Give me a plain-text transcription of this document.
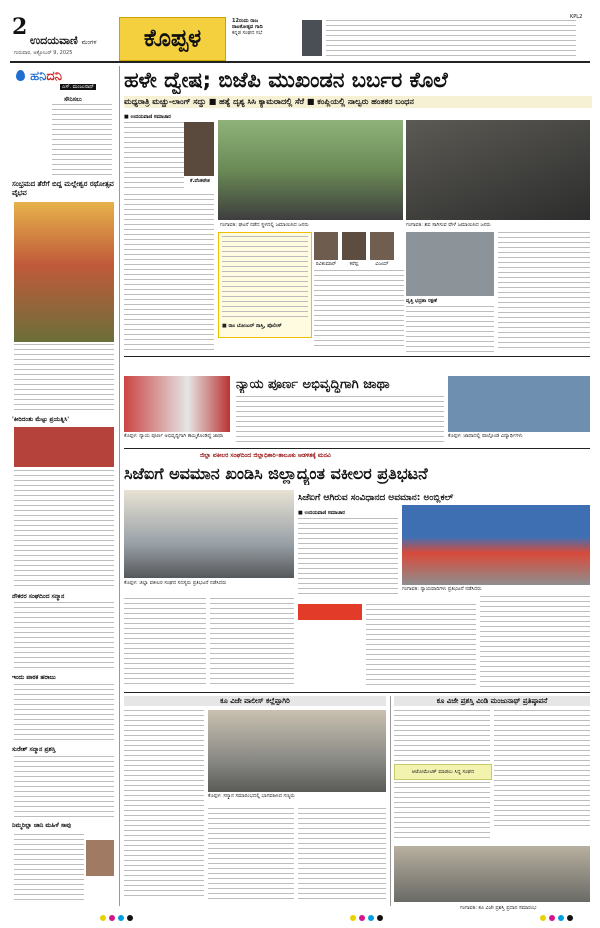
2
ಉದಯವಾಣಿ ಮಂಗಳ
ಗುರುವಾರ, ಅಕ್ಟೋಬರ್ 9, 2025
ಕೊಪ್ಪಳ
12ರಂದು ರಾಜ
ನಾಟಕೋತ್ಸವ ಗಾದಿ
ಕನ್ನಡ ಸಂಘದ ಸಭೆ
KPL2
ಹನಿದನಿ
ಎಸ್. ಮಂಜುನಾಥ್
ಸೌನಿಸಲು
ಸಂಭ್ರಮದ ತೆರೆಗೆ ಬಿದ್ದ ಮಲ್ಲೇಶ್ವರ ರಥೋತ್ಸವ ವೈಭವ
'ಕೀರಿದಂತು ಮೆಟ್ಟು ಪ್ರಯತ್ನಿಸಿ'
ನೌಕರರ ಸಂಘದಿಂದ ಸನ್ಮಾನ
ಇಂದು ಪಾಠಕ ಹರಾಜು
ಸುರೇಶ್ ಸನ್ಮಾನ ಪ್ರಶಸ್ತಿ
ನಿಮ್ಮರಿಲ್ಲಾ ಜಾನಿ ಮಹಿಳೆ ಸಾವು
ಹಳೇ ದ್ವೇಷ; ಬಿಜೆಪಿ ಮುಖಂಡನ ಬರ್ಬರ ಕೊಲೆ
ಮಧ್ಯರಾತ್ರಿ ಮಚ್ಚು-ಲಾಂಗ್ ಸದ್ದು ■ ಹತ್ಯೆ ದೃಶ್ಯ ಸಿಸಿ ಕ್ಯಾಮರಾದಲ್ಲಿ ಸೆರೆ ■ ಕಂಪ್ಲಿಯಲ್ಲಿ ನಾಲ್ವರು ಹಂತಕರ ಬಂಧನ
■ ಉದಯವಾಣಿ ಸಮಾಚಾರ
ಕೆ.ವೆಂಕಟೇಶ
ಗಂಗಾವತಿ: ಘಟನೆ ನಡೆದ ಸ್ಥಳದಲ್ಲಿ ಜಮಾಯಿಸಿದ ಜನರು	ಗಂಗಾವತಿ: ಶವ ಸಾಗಿಸುವ ವೇಳೆ ಜಮಾಯಿಸಿದ ಜನರು
■ ರಾಂ ಬೋಜುರ್ ನಾಸ್ತಿ, ಪೊಲೀಸ್
ರವಿಕುಮಾರ್	ಕರೆಪ್ಪ	ವಿಜಯ್
ವೃತ್ತಿ ಭದ್ರತಾ ರಕ್ಷಣೆ
ಕೊಪ್ಪಳ: ನ್ಯಾಯ ಪೂರ್ಣ ಅಭಿವೃದ್ಧಿಗಾಗಿ ಹಮ್ಮಿಕೊಂಡಿದ್ದ ಜಾಥಾ
ನ್ಯಾಯ ಪೂರ್ಣ ಅಭಿವೃದ್ಧಿಗಾಗಿ ಜಾಥಾ
ಕೊಪ್ಪಳ: ಜಾಥಾದಲ್ಲಿ ಪಾಲ್ಗೊಂಡ ವಿದ್ಯಾರ್ಥಿಗಳು
ಜಿಲ್ಲಾ ವಕೀಲರ ಸಂಘದಿಂದ ಜಿಲ್ಲಾಧಿಕಾರಿ-ತಾಲೂಕು ಆಡಳಿತಕ್ಕೆ ಮನವಿ
ಸಿಜೆಐಗೆ ಅವಮಾನ ಖಂಡಿಸಿ ಜಿಲ್ಲಾದ್ಯಂತ ವಕೀಲರ ಪ್ರತಿಭಟನೆ
ಕೊಪ್ಪಳ: ಜಿಲ್ಲಾ ವಕೀಲರ ಸಂಘದ ಸದಸ್ಯರು ಪ್ರತಿಭಟನೆ ನಡೆಸಿದರು
ಸಿಜೆಐಗೆ ಆಗಿರುವ ಸಂವಿಧಾನದ ಅವಮಾನ: ಅಂಬ್ಲಿಕಲ್
■ ಉದಯವಾಣಿ ಸಮಾಚಾರ
ಗಂಗಾವತಿ: ನ್ಯಾಯವಾದಿಗಳು ಪ್ರತಿಭಟನೆ ನಡೆಸಿದರು
ಕೂ ವಿಜೇ ವಾಲೀಸ್‌ ಕಲ್ಲೆಪ್ಪಾಗಿರಿ
ಕೊಪ್ಪಳ: ಸನ್ಮಾನ ಸಮಾರಂಭದಲ್ಲಿ ಭಾಗವಹಿಸಿದ ಗಣ್ಯರು
ಕೂ ವಿಜೇ ಪ್ರಶಸ್ತಿ ವಿಂಡಿ ಮಂಜುನಾಥ್‌ ಪ್ರತಿಷ್ಠಾಪನೆ
ಆಟೋಮೇಟಿಕ್ ಮಾಡಲು ಸಿದ್ಧ ಸಂಘದ
ಗಂಗಾವತಿ: ಕೂ ವಿಜೇ ಪ್ರಶಸ್ತಿ ಪ್ರದಾನ ಸಮಾರಂಭ
